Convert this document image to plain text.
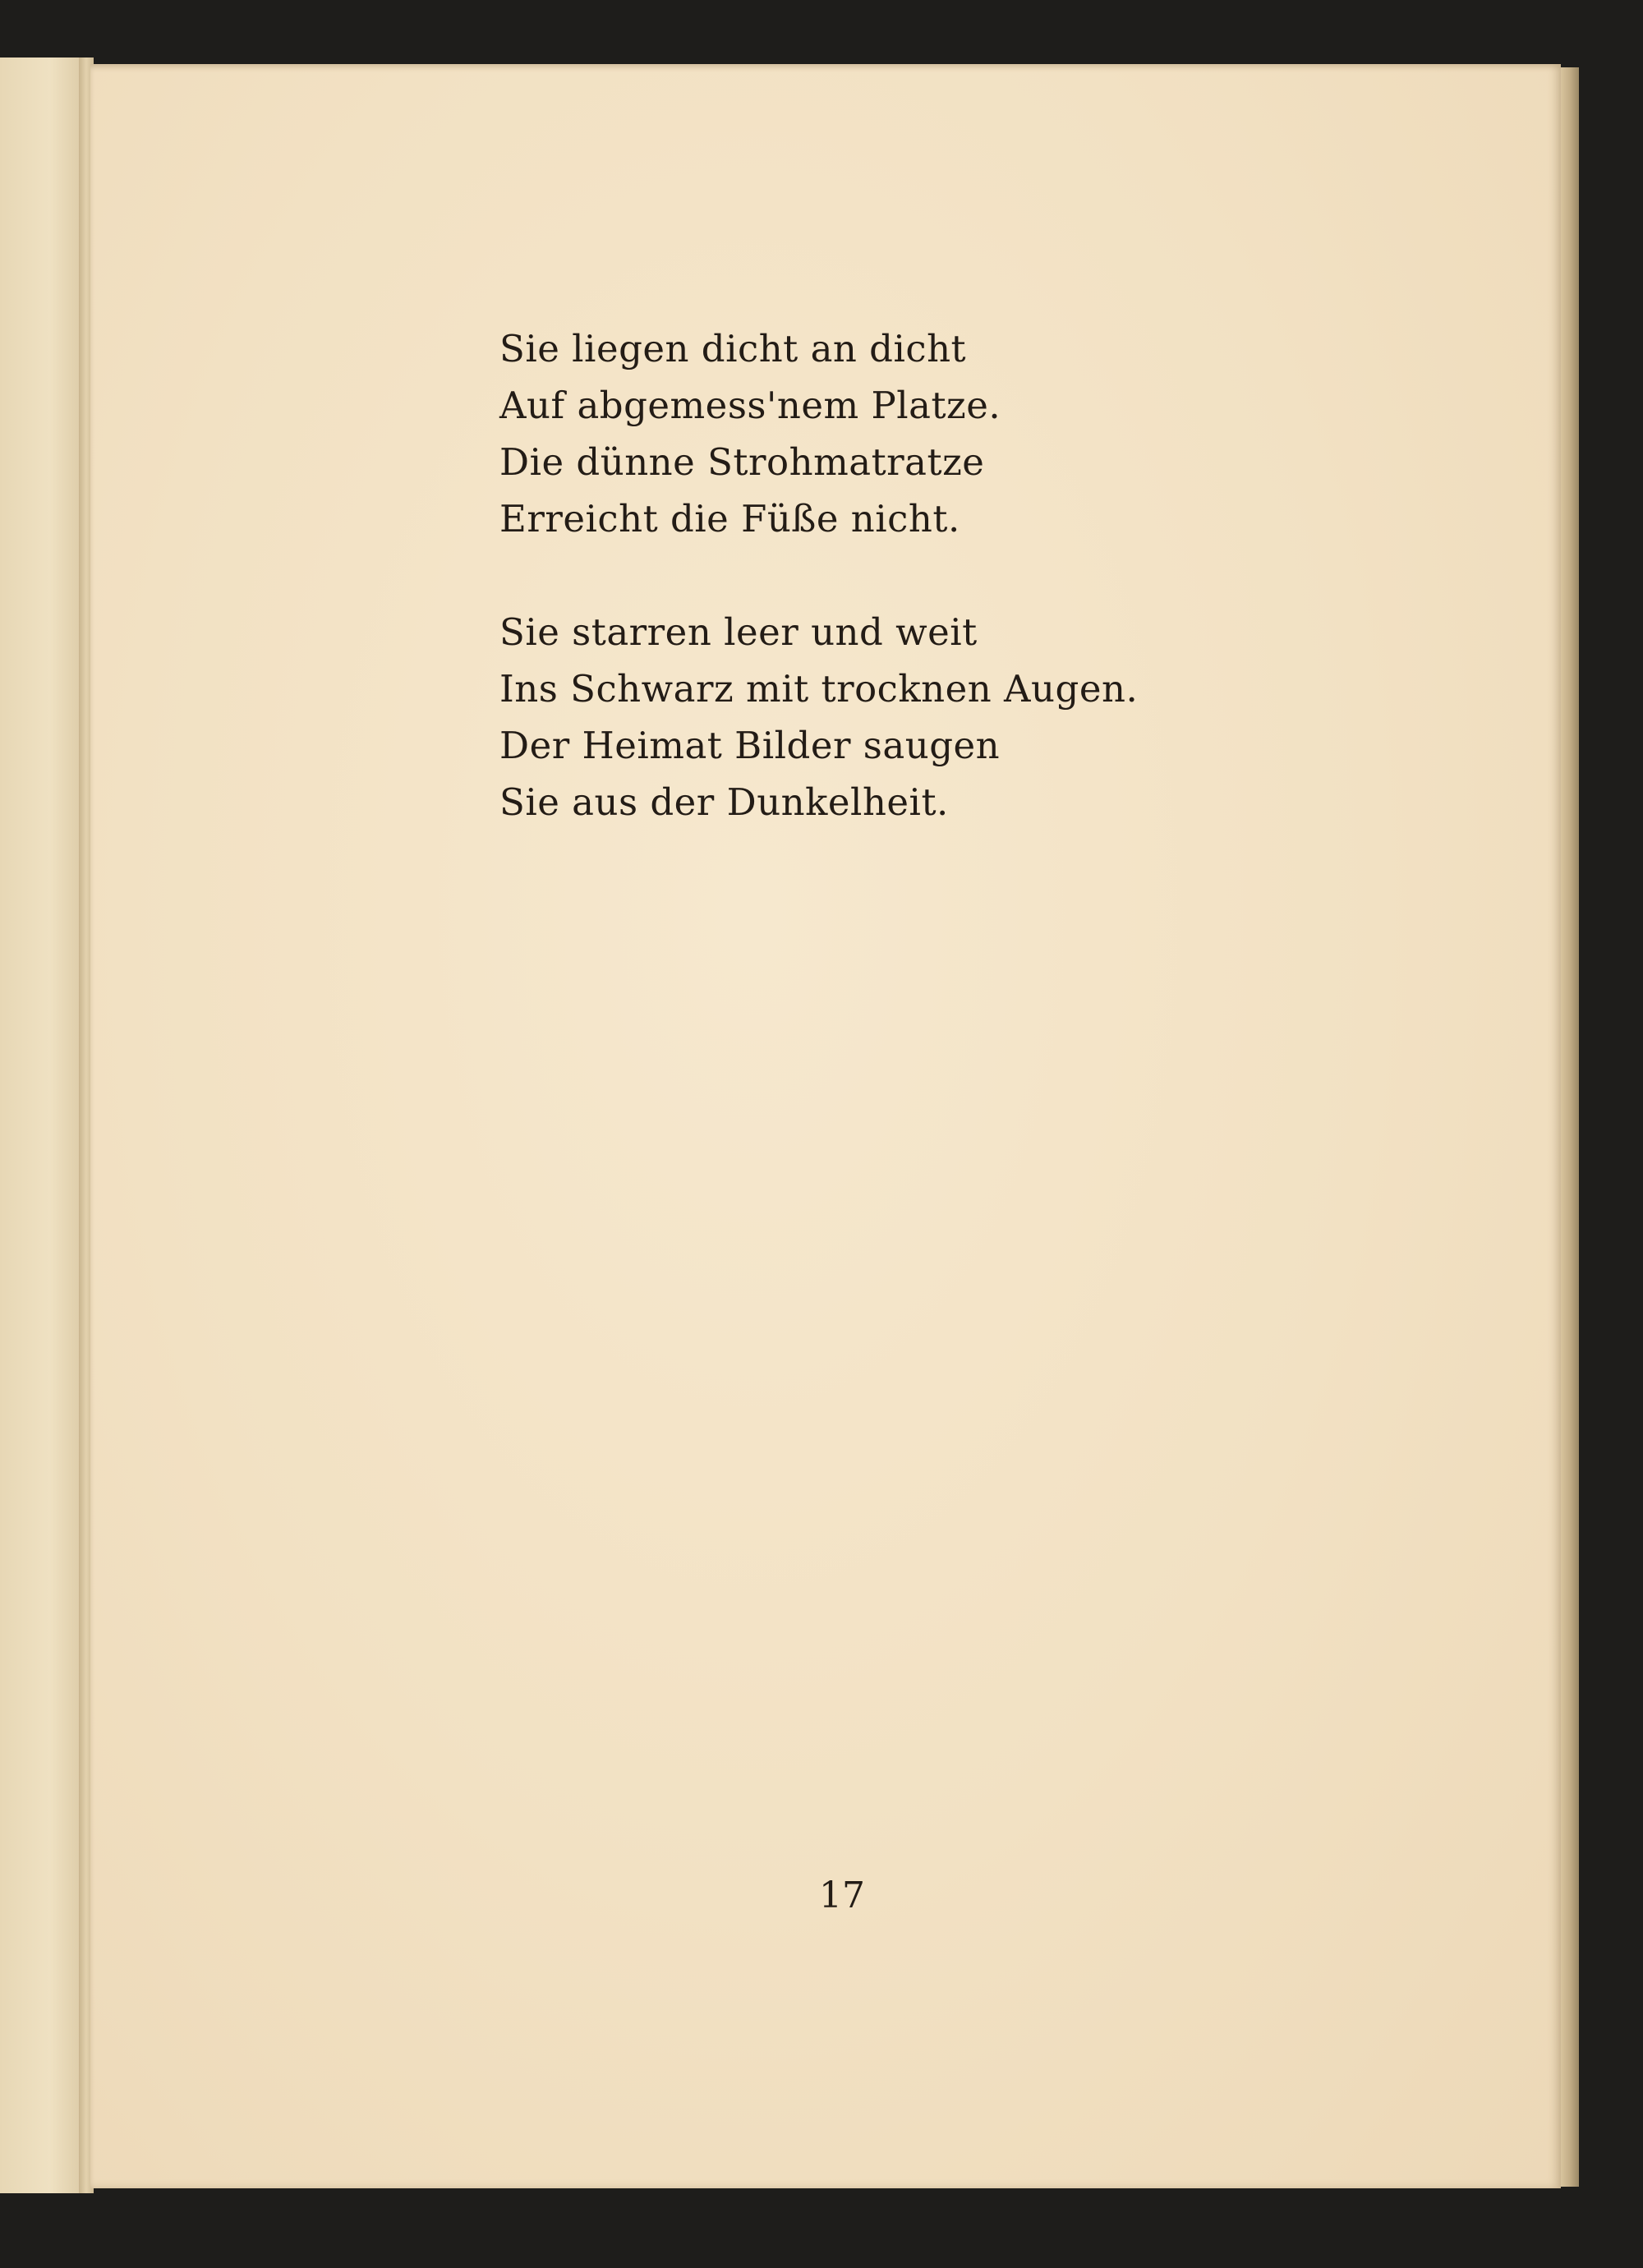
Sie liegen dicht an dicht
Auf abgemess'nem Platze.
Die dünne Strohmatratze
Erreicht die Füße nicht.
Sie starren leer und weit
Ins Schwarz mit trocknen Augen.
Der Heimat Bilder saugen
Sie aus der Dunkelheit.
17
